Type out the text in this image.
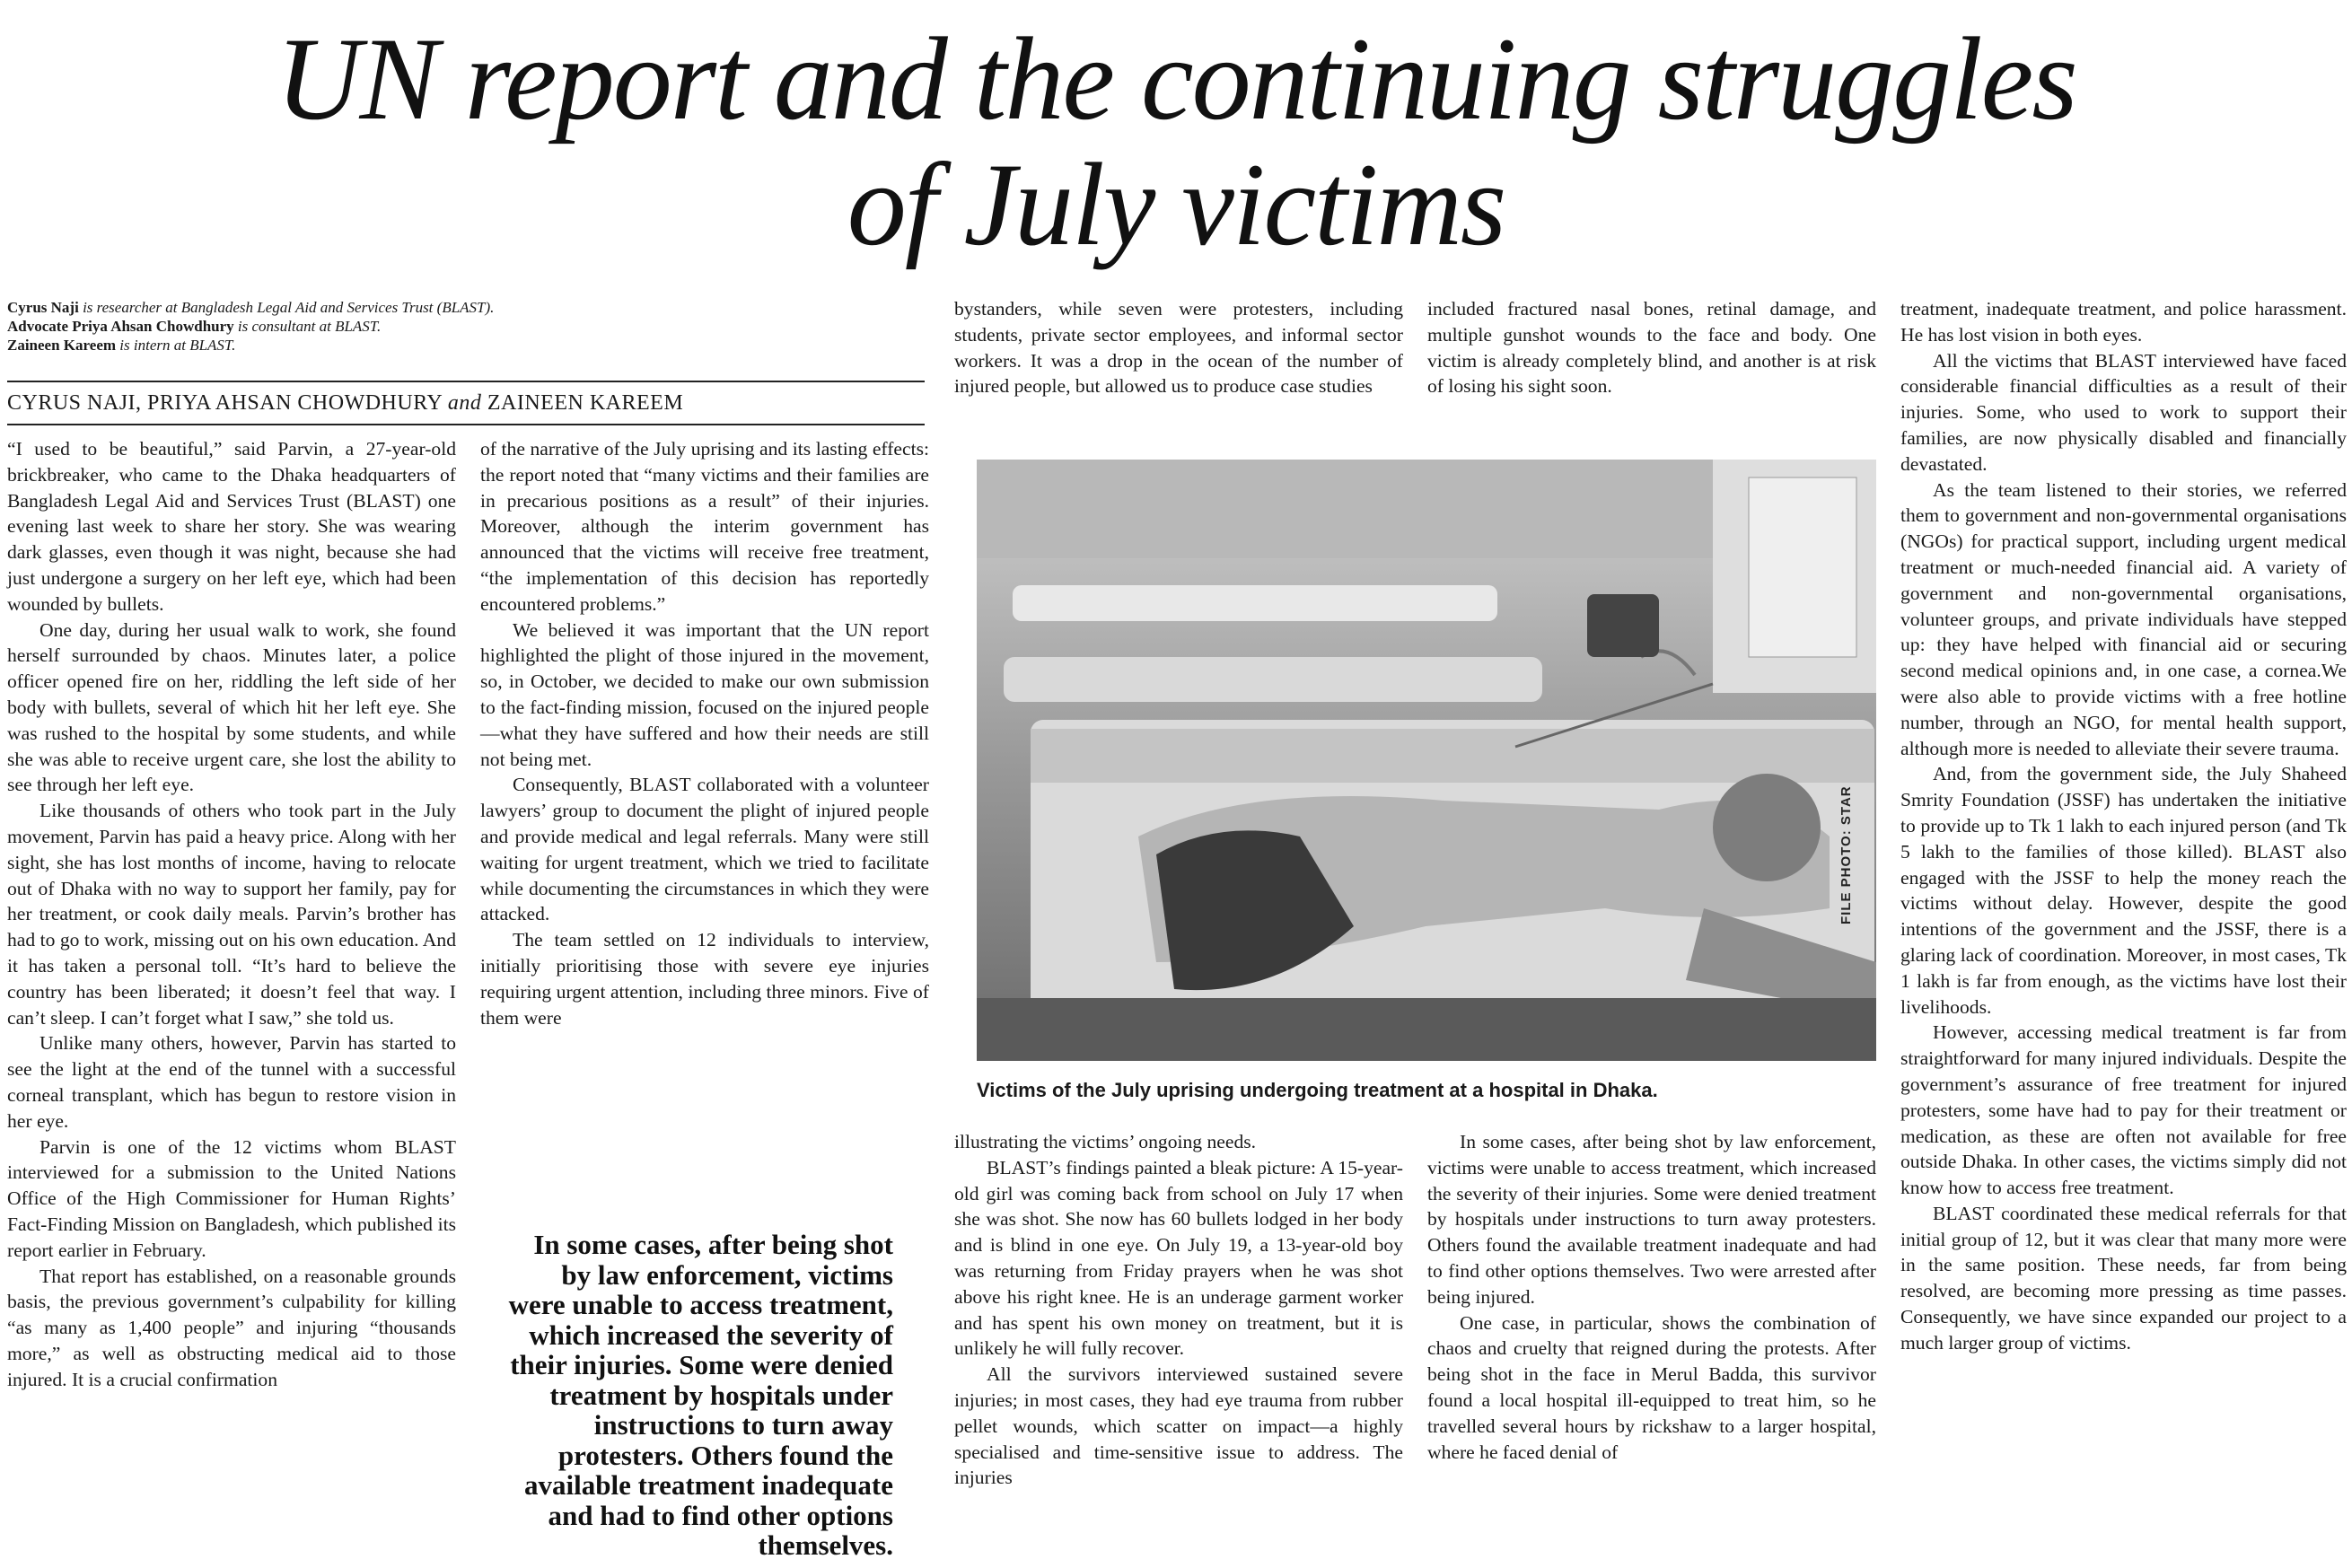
UN report and the continuing struggles
of July victims

Cyrus Naji is researcher at Bangladesh Legal Aid and Services Trust (BLAST).

Advocate Priya Ahsan Chowdhury is consultant at BLAST.

Zaineen Kareem is intern at BLAST.

CYRUS NAJI, PRIYA AHSAN CHOWDHURY and ZAINEEN KAREEM

“I used to be beautiful,” said Parvin, a 27-year-old brickbreaker, who came to the Dhaka headquarters of Bangladesh Legal Aid and Services Trust (BLAST) one evening last week to share her story. She was wearing dark glasses, even though it was night, because she had just undergone a surgery on her left eye, which had been wounded by bullets.

One day, during her usual walk to work, she found herself surrounded by chaos. Minutes later, a police officer opened fire on her, riddling the left side of her body with bullets, several of which hit her left eye. She was rushed to the hospital by some students, and while she was able to receive urgent care, she lost the ability to see through her left eye.

Like thousands of others who took part in the July movement, Parvin has paid a heavy price. Along with her sight, she has lost months of income, having to relocate out of Dhaka with no way to support her family, pay for her treatment, or cook daily meals. Parvin’s brother has had to go to work, missing out on his own education. And it has taken a personal toll. “It’s hard to believe the country has been liberated; it doesn’t feel that way. I can’t sleep. I can’t forget what I saw,” she told us.

Unlike many others, however, Parvin has started to see the light at the end of the tunnel with a successful corneal transplant, which has begun to restore vision in her eye.

Parvin is one of the 12 victims whom BLAST interviewed for a submission to the United Nations Office of the High Commissioner for Human Rights’ Fact-Finding Mission on Bangladesh, which published its report earlier in February.

That report has established, on a reasonable grounds basis, the previous government’s culpability for killing “as many as 1,400 people” and injuring “thousands more,” as well as obstructing medical aid to those injured. It is a crucial confirmation

of the narrative of the July uprising and its lasting effects: the report noted that “many victims and their families are in precarious positions as a result” of their injuries. Moreover, although the interim government has announced that the victims will receive free treatment, “the implementation of this decision has reportedly encountered problems.”

We believed it was important that the UN report highlighted the plight of those injured in the movement, so, in October, we decided to make our own submission to the fact-finding mission, focused on the injured people—what they have suffered and how their needs are still not being met.

Consequently, BLAST collaborated with a volunteer lawyers’ group to document the plight of injured people and provide medical and legal referrals. Many were still waiting for urgent treatment, which we tried to facilitate while documenting the circumstances in which they were attacked.

The team settled on 12 individuals to interview, initially prioritising those with severe eye injuries requiring urgent attention, including three minors. Five of them were

In some cases, after being shot by law enforcement, victims were unable to access treatment, which increased the severity of their injuries. Some were denied treatment by hospitals under instructions to turn away protesters. Others found the available treatment inadequate and had to find other options themselves.

bystanders, while seven were protesters, including students, private sector employees, and informal sector workers. It was a drop in the ocean of the number of injured people, but allowed us to produce case studies

included fractured nasal bones, retinal damage, and multiple gunshot wounds to the face and body. One victim is already completely blind, and another is at risk of losing his sight soon.

FILE PHOTO: STAR
Victims of the July uprising undergoing treatment at a hospital in Dhaka.

illustrating the victims’ ongoing needs.

BLAST’s findings painted a bleak picture: A 15-year-old girl was coming back from school on July 17 when she was shot. She now has 60 bullets lodged in her body and is blind in one eye. On July 19, a 13-year-old boy was returning from Friday prayers when he was shot above his right knee. He is an underage garment worker and has spent his own money on treatment, but it is unlikely he will fully recover.

All the survivors interviewed sustained severe injuries; in most cases, they had eye trauma from rubber pellet wounds, which scatter on impact—a highly specialised and time-sensitive issue to address. The injuries

In some cases, after being shot by law enforcement, victims were unable to access treatment, which increased the severity of their injuries. Some were denied treatment by hospitals under instructions to turn away protesters. Others found the available treatment inadequate and had to find other options themselves. Two were arrested after being injured.

One case, in particular, shows the combination of chaos and cruelty that reigned during the protests. After being shot in the face in Merul Badda, this survivor found a local hospital ill-equipped to treat him, so he travelled several hours by rickshaw to a larger hospital, where he faced denial of

treatment, inadequate treatment, and police harassment. He has lost vision in both eyes.

All the victims that BLAST interviewed have faced considerable financial difficulties as a result of their injuries. Some, who used to work to support their families, are now physically disabled and financially devastated.

As the team listened to their stories, we referred them to government and non-governmental organisations (NGOs) for practical support, including urgent medical treatment or much-needed financial aid. A variety of government and non-governmental organisations, volunteer groups, and private individuals have stepped up: they have helped with financial aid or securing second medical opinions and, in one case, a cornea.We were also able to provide victims with a free hotline number, through an NGO, for mental health support, although more is needed to alleviate their severe trauma.

And, from the government side, the July Shaheed Smrity Foundation (JSSF) has undertaken the initiative to provide up to Tk 1 lakh to each injured person (and Tk 5 lakh to the families of those killed). BLAST also engaged with the JSSF to help the money reach the victims without delay. However, despite the good intentions of the government and the JSSF, there is a glaring lack of coordination. Moreover, in most cases, Tk 1 lakh is far from enough, as the victims have lost their livelihoods.

However, accessing medical treatment is far from straightforward for many injured individuals. Despite the government’s assurance of free treatment for injured protesters, some have had to pay for their treatment or medication, as these are often not available for free outside Dhaka. In other cases, the victims simply did not know how to access free treatment.

BLAST coordinated these medical referrals for that initial group of 12, but it was clear that many more were in the same position. These needs, far from being resolved, are becoming more pressing as time passes. Consequently, we have since expanded our project to a much larger group of victims.
